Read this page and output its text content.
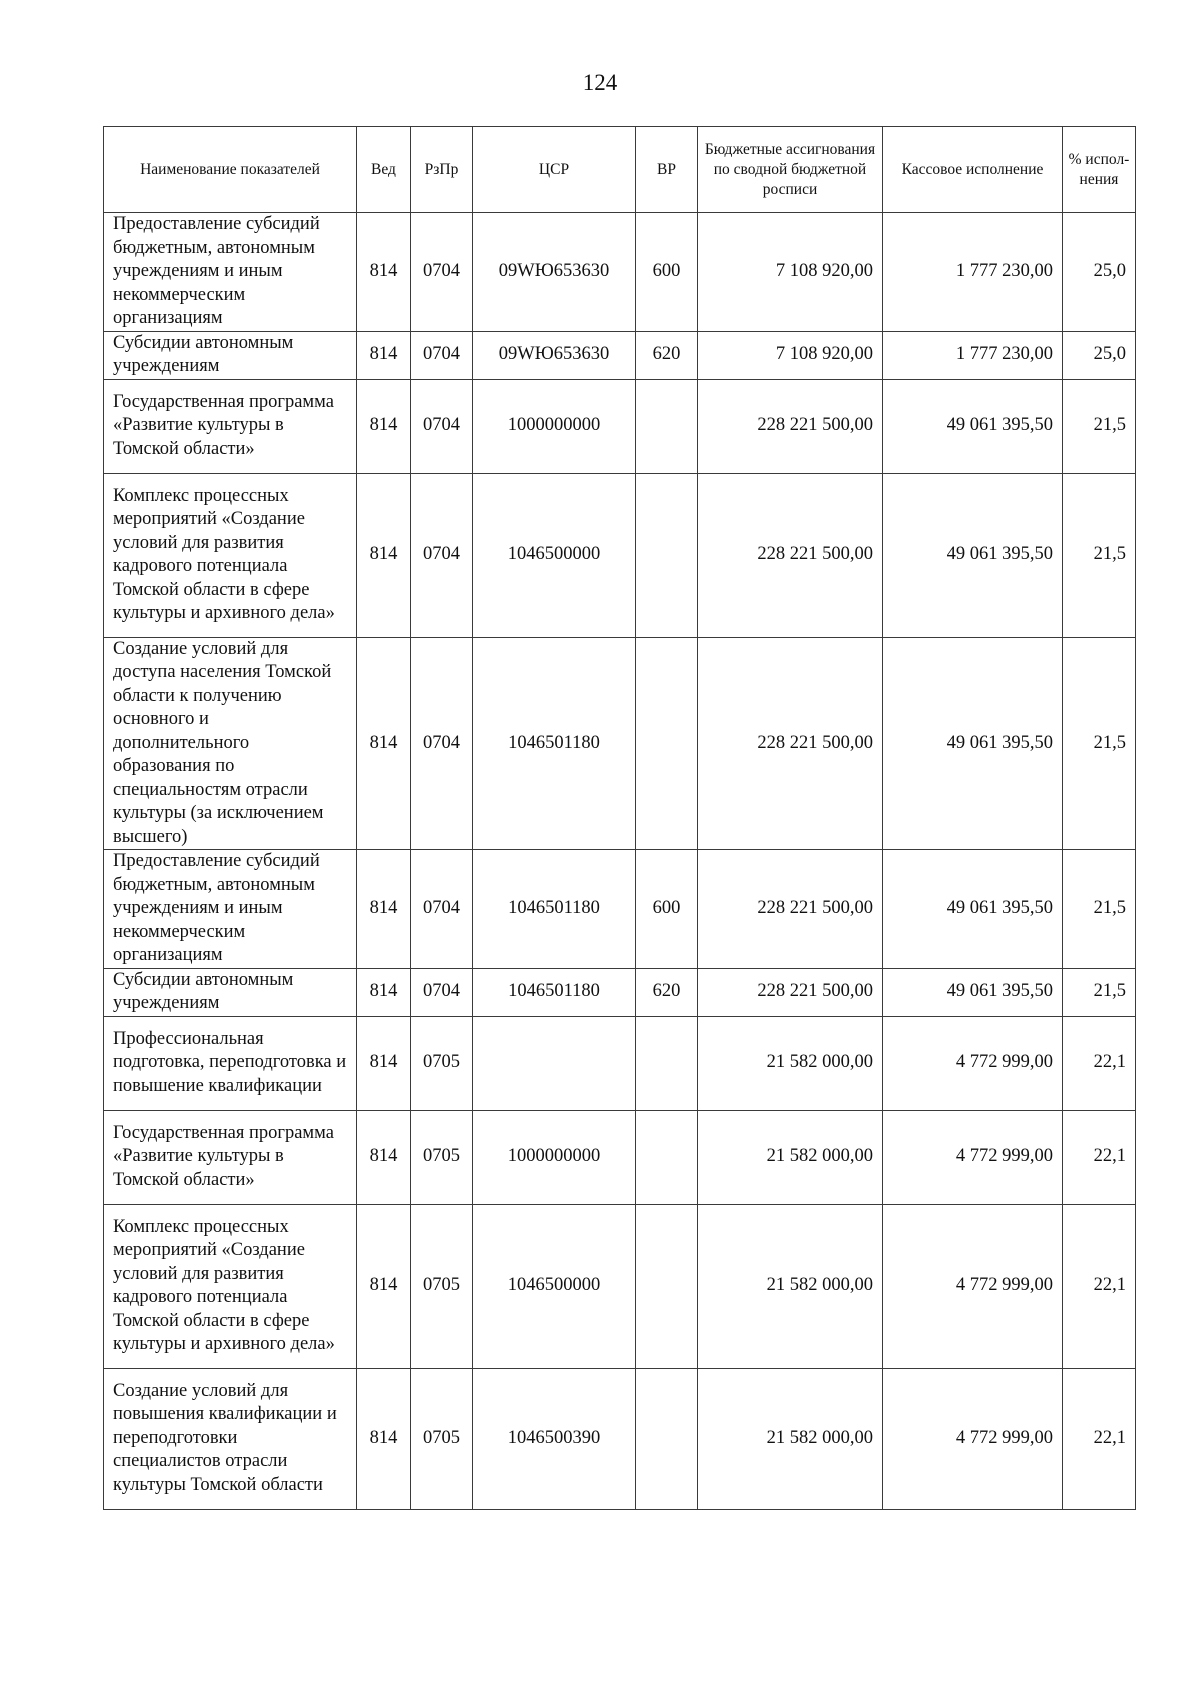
124
Наименование показателей	Вед	РзПр	ЦСР	ВР	Бюджетные ассигнования по сводной бюджетной росписи	Кассовое исполнение	% испол-нения
Предоставление субсидий бюджетным, автономным учреждениям и иным некоммерческим организациям	814	0704	09WЮ653630	600	7 108 920,00	1 777 230,00	25,0
Субсидии автономным учреждениям	814	0704	09WЮ653630	620	7 108 920,00	1 777 230,00	25,0
Государственная программа «Развитие культуры в Томской области»	814	0704	1000000000		228 221 500,00	49 061 395,50	21,5
Комплекс процессных мероприятий «Создание условий для развития кадрового потенциала Томской области в сфере культуры и архивного дела»	814	0704	1046500000		228 221 500,00	49 061 395,50	21,5
Создание условий для доступа населения Томской области к получению основного и дополнительного образования по специальностям отрасли культуры (за исключением высшего)	814	0704	1046501180		228 221 500,00	49 061 395,50	21,5
Предоставление субсидий бюджетным, автономным учреждениям и иным некоммерческим организациям	814	0704	1046501180	600	228 221 500,00	49 061 395,50	21,5
Субсидии автономным учреждениям	814	0704	1046501180	620	228 221 500,00	49 061 395,50	21,5
Профессиональная подготовка, переподготовка и повышение квалификации	814	0705			21 582 000,00	4 772 999,00	22,1
Государственная программа «Развитие культуры в Томской области»	814	0705	1000000000		21 582 000,00	4 772 999,00	22,1
Комплекс процессных мероприятий «Создание условий для развития кадрового потенциала Томской области в сфере культуры и архивного дела»	814	0705	1046500000		21 582 000,00	4 772 999,00	22,1
Создание условий для повышения квалификации и переподготовки специалистов отрасли культуры Томской области	814	0705	1046500390		21 582 000,00	4 772 999,00	22,1
